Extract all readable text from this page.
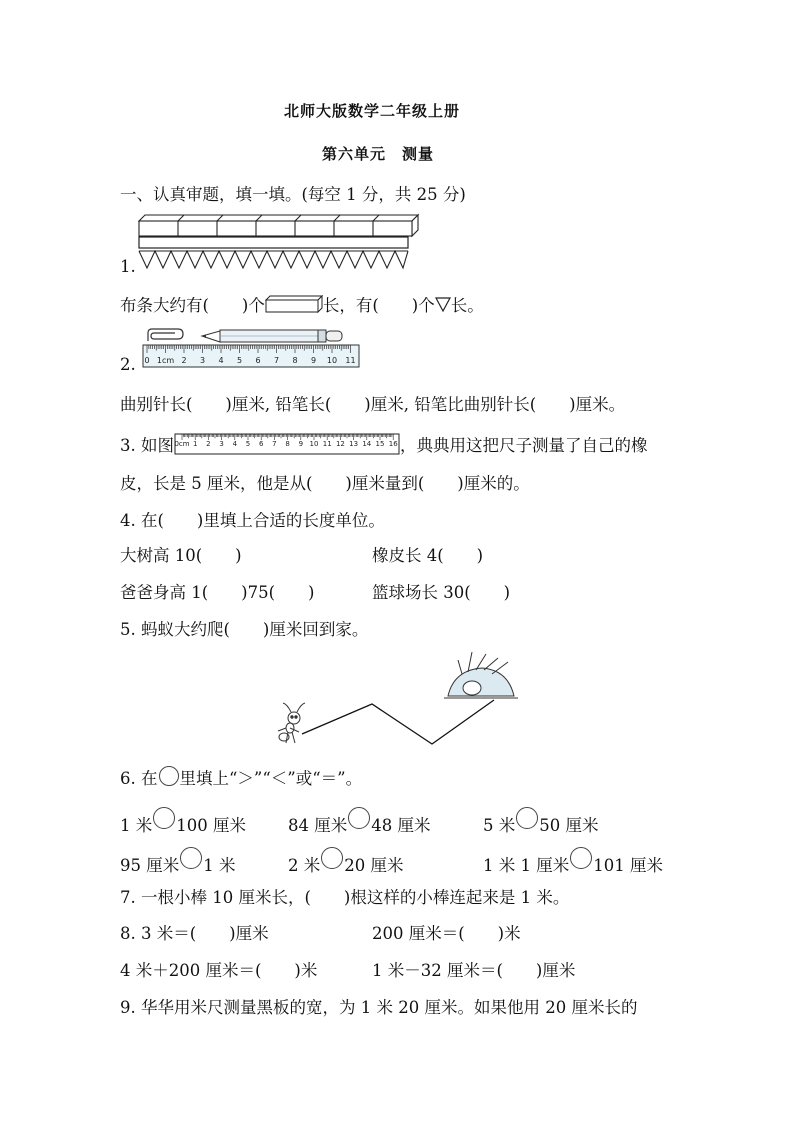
北师大版数学二年级上册
第六单元　测量
一、认真审题，填一填。(每空 1 分，共 25 分)
1.
布条大约有(　　)个	长，有(　　)个 长。
0 1cm 2 3 4 5 6 7 8 9 10 11
2.
曲别针长(　　)厘米, 铅笔长(　　)厘米, 铅笔比曲别针长(　　)厘米。
3. 如图 0cm 1 2 3 4 5 6 7 8 9 10 11 12 13 14 15 16 ，典典用这把尺子测量了自己的橡
皮，长是 5 厘米，他是从(　　)厘米量到(　　)厘米的。
4. 在(　　)里填上合适的长度单位。
大树高 10(　　)	橡皮长 4(　　)
爸爸身高 1(　　)75(　　)	篮球场长 30(　　)
5. 蚂蚁大约爬(　　)厘米回到家。
6. 在 里填上“＞”“＜”或“＝”。
1 米 100 厘米	84 厘米 48 厘米	5 米 50 厘米
95 厘米 1 米	2 米 20 厘米	1 米 1 厘米 101 厘米
7. 一根小棒 10 厘米长，(　　)根这样的小棒连起来是 1 米。
8. 3 米＝(　　)厘米	200 厘米＝(　　)米
4 米＋200 厘米＝(　　)米	1 米－32 厘米＝(　　)厘米
9. 华华用米尺测量黑板的宽，为 1 米 20 厘米。如果他用 20 厘米长的
